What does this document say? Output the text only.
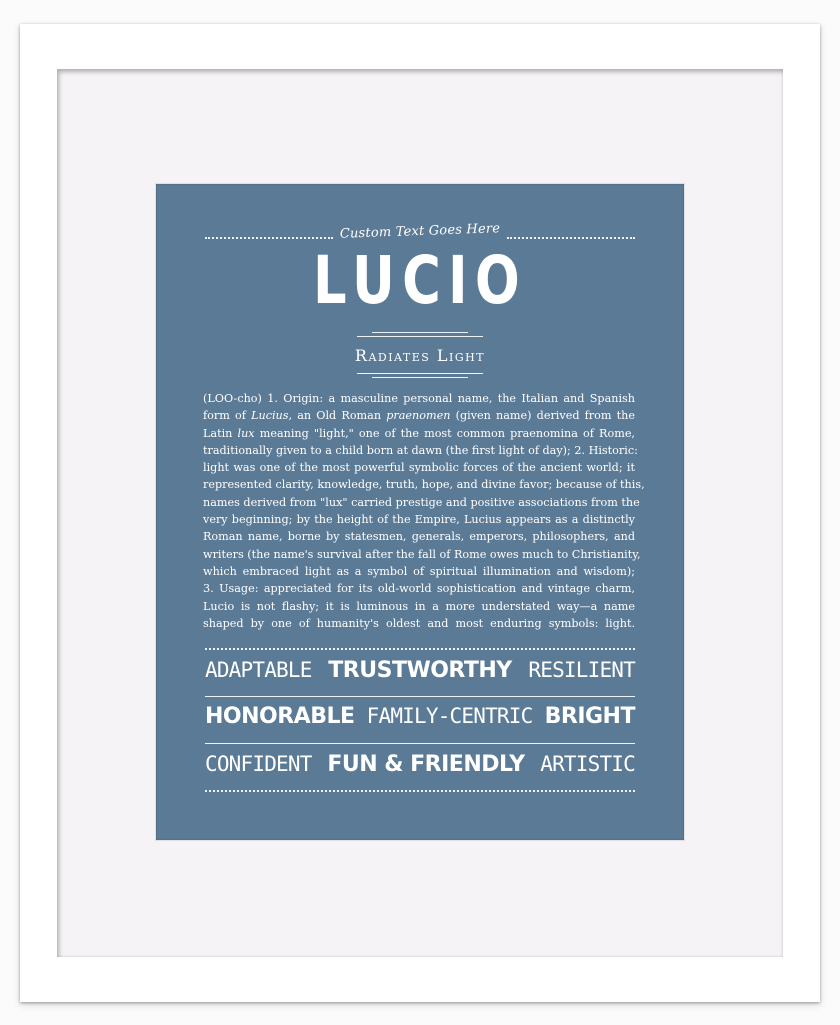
Custom Text Goes Here
LUCIO
Radiates Light
(LOO-cho) 1. Origin: a masculine personal name, the Italian and Spanish
form of Lucius, an Old Roman praenomen (given name) derived from the
Latin lux meaning "light," one of the most common praenomina of Rome,
traditionally given to a child born at dawn (the first light of day); 2. Historic:
light was one of the most powerful symbolic forces of the ancient world; it
represented clarity, knowledge, truth, hope, and divine favor; because of this,
names derived from "lux" carried prestige and positive associations from the
very beginning; by the height of the Empire, Lucius appears as a distinctly
Roman name, borne by statesmen, generals, emperors, philosophers, and
writers (the name's survival after the fall of Rome owes much to Christianity,
which embraced light as a symbol of spiritual illumination and wisdom);
3. Usage: appreciated for its old-world sophistication and vintage charm,
Lucio is not flashy; it is luminous in a more understated way—a name
shaped by one of humanity's oldest and most enduring symbols: light.
ADAPTABLE TRUSTWORTHY RESILIENT
HONORABLE FAMILY-CENTRIC BRIGHT
CONFIDENT FUN & FRIENDLY ARTISTIC
